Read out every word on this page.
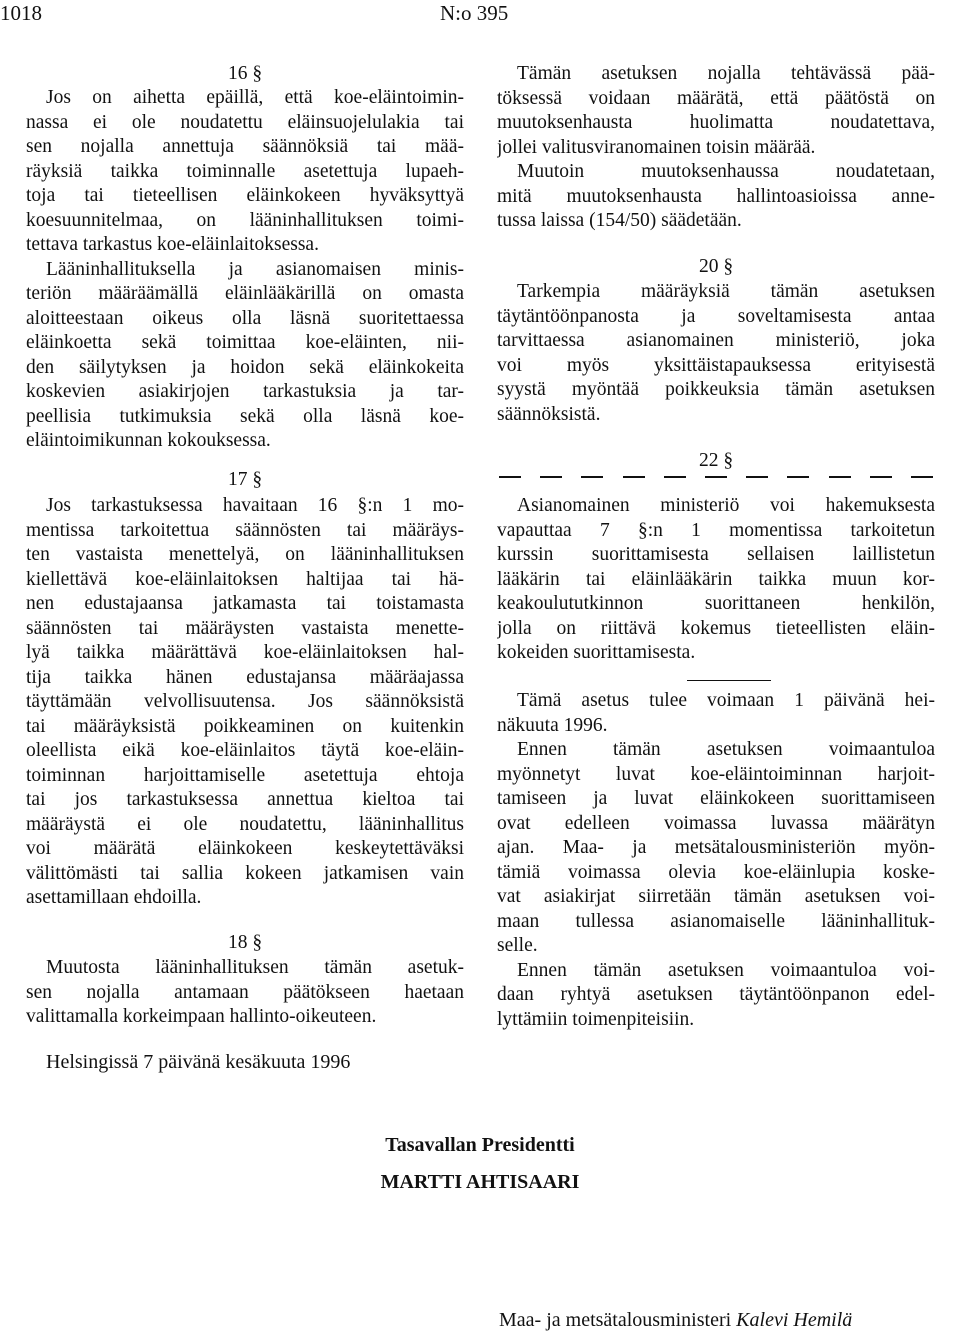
1018	N:o 395
16 §
Jos on aihetta epäillä, että koe-eläintoimin-
nassa ei ole noudatettu eläinsuojelulakia tai
sen nojalla annettuja säännöksiä tai mää-
räyksiä taikka toiminnalle asetettuja lupaeh-
toja tai tieteellisen eläinkokeen hyväksyttyä
koesuunnitelmaa, on lääninhallituksen toimi-
tettava tarkastus koe-eläinlaitoksessa.
Lääninhallituksella ja asianomaisen minis-
teriön määräämällä eläinlääkärillä on omasta
aloitteestaan oikeus olla läsnä suoritettaessa
eläinkoetta sekä toimittaa koe-eläinten, nii-
den säilytyksen ja hoidon sekä eläinkokeita
koskevien asiakirjojen tarkastuksia ja tar-
peellisia tutkimuksia sekä olla läsnä koe-
eläintoimikunnan kokouksessa.
17 §
Jos tarkastuksessa havaitaan 16 §:n 1 mo-
mentissa tarkoitettua säännösten tai määräys-
ten vastaista menettelyä, on lääninhallituksen
kiellettävä koe-eläinlaitoksen haltijaa tai hä-
nen edustajaansa jatkamasta tai toistamasta
säännösten tai määräysten vastaista menette-
lyä taikka määrättävä koe-eläinlaitoksen hal-
tija taikka hänen edustajansa määräajassa
täyttämään velvollisuutensa. Jos säännöksistä
tai määräyksistä poikkeaminen on kuitenkin
oleellista eikä koe-eläinlaitos täytä koe-eläin-
toiminnan harjoittamiselle asetettuja ehtoja
tai jos tarkastuksessa annettua kieltoa tai
määräystä ei ole noudatettu, lääninhallitus
voi määrätä eläinkokeen keskeytettäväksi
välittömästi tai sallia kokeen jatkamisen vain
asettamillaan ehdoilla.
18 §
Muutosta lääninhallituksen tämän asetuk-
sen nojalla antamaan päätökseen haetaan
valittamalla korkeimpaan hallinto-oikeuteen.
Tämän asetuksen nojalla tehtävässä pää-
töksessä voidaan määrätä, että päätöstä on
muutoksenhausta huolimatta noudatettava,
jollei valitusviranomainen toisin määrää.
Muutoin muutoksenhaussa noudatetaan,
mitä muutoksenhausta hallintoasioissa anne-
tussa laissa (154/50) säädetään.
20 §
Tarkempia määräyksiä tämän asetuksen
täytäntöönpanosta ja soveltamisesta antaa
tarvittaessa asianomainen ministeriö, joka
voi myös yksittäistapauksessa erityisestä
syystä myöntää poikkeuksia tämän asetuksen
säännöksistä.
22 §
Asianomainen ministeriö voi hakemuksesta
vapauttaa 7 §:n 1 momentissa tarkoitetun
kurssin suorittamisesta sellaisen laillistetun
lääkärin tai eläinlääkärin taikka muun kor-
keakoulututkinnon suorittaneen henkilön,
jolla on riittävä kokemus tieteellisten eläin-
kokeiden suorittamisesta.
Tämä asetus tulee voimaan 1 päivänä hei-
näkuuta 1996.
Ennen tämän asetuksen voimaantuloa
myönnetyt luvat koe-eläintoiminnan harjoit-
tamiseen ja luvat eläinkokeen suorittamiseen
ovat edelleen voimassa luvassa määrätyn
ajan. Maa- ja metsätalousministeriön myön-
tämiä voimassa olevia koe-eläinlupia koske-
vat asiakirjat siirretään tämän asetuksen voi-
maan tullessa asianomaiselle lääninhallituk-
selle.
Ennen tämän asetuksen voimaantuloa voi-
daan ryhtyä asetuksen täytäntöönpanon edel-
lyttämiin toimenpiteisiin.
Helsingissä 7 päivänä kesäkuuta 1996
Tasavallan Presidentti
MARTTI AHTISAARI
Maa- ja metsätalousministeri Kalevi Hemilä
